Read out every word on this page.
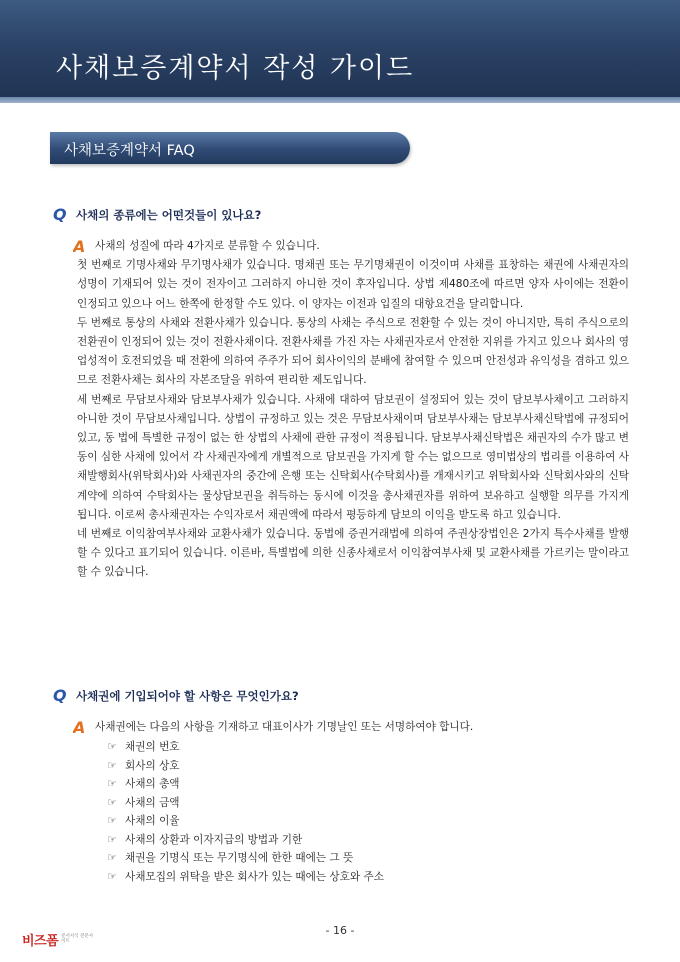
사채보증계약서 작성 가이드
사채보증계약서 FAQ
Q 사채의 종류에는 어떤것들이 있나요?
A 사채의 성질에 따라 4가지로 분류할 수 있습니다.

첫 번째로 기명사채와 무기명사채가 있습니다. 명채권 또는 무기명채권이 이것이며 사채를 표창하는 채권에 사채권자의 성명이 기재되어 있는 것이 전자이고 그러하지 아니한 것이 후자입니다. 상법 제480조에 따르면 양자 사이에는 전환이 인정되고 있으나 어느 한쪽에 한정할 수도 있다. 이 양자는 이전과 입질의 대항요건을 달리합니다.

두 번째로 통상의 사채와 전환사채가 있습니다. 통상의 사채는 주식으로 전환할 수 있는 것이 아니지만, 특히 주식으로의 전환권이 인정되어 있는 것이 전환사채이다. 전환사채를 가진 자는 사채권자로서 안전한 지위를 가지고 있으나 회사의 영업성적이 호전되었을 때 전환에 의하여 주주가 되어 회사이익의 분배에 참여할 수 있으며 안전성과 유익성을 겸하고 있으므로 전환사채는 회사의 자본조달을 위하여 편리한 제도입니다.

세 번째로 무담보사채와 담보부사채가 있습니다. 사채에 대하여 담보권이 설정되어 있는 것이 담보부사채이고 그러하지 아니한 것이 무담보사채입니다. 상법이 규정하고 있는 것은 무담보사채이며 담보부사채는 담보부사채신탁법에 규정되어 있고, 동 법에 특별한 규정이 없는 한 상법의 사채에 관한 규정이 적용됩니다. 담보부사채신탁법은 채권자의 수가 많고 변동이 심한 사채에 있어서 각 사채권자에게 개별적으로 담보권을 가지게 할 수는 없으므로 영미법상의 법리를 이용하여 사채발행회사(위탁회사)와 사채권자의 중간에 은행 또는 신탁회사(수탁회사)를 개재시키고 위탁회사와 신탁회사와의 신탁계약에 의하여 수탁회사는 물상담보권을 취득하는 동시에 이것을 총사채권자를 위하여 보유하고 실행할 의무를 가지게 됩니다. 이로써 총사채권자는 수익자로서 채권액에 따라서 평등하게 담보의 이익을 받도록 하고 있습니다.

네 번째로 이익참여부사채와 교환사채가 있습니다. 동법에 증권거래법에 의하여 주권상장법인은 2가지 특수사채를 발행할 수 있다고 표기되어 있습니다. 이른바, 특별법에 의한 신종사채로서 이익참여부사채 및 교환사채를 가르키는 말이라고 할 수 있습니다.

Q 사채권에 기입되어야 할 사항은 무엇인가요?
A 사채권에는 다음의 사항을 기재하고 대표이사가 기명날인 또는 서명하여야 합니다.

☞ 채권의 번호
☞ 회사의 상호
☞ 사채의 총액
☞ 사채의 금액
☞ 사채의 이율
☞ 사채의 상환과 이자지급의 방법과 기한
☞ 채권을 기명식 또는 무기명식에 한한 때에는 그 뜻
☞ 사채모집의 위탁을 받은 회사가 있는 때에는 상호와 주소
비즈폼 문서서식 전문사이트
- 16 -
